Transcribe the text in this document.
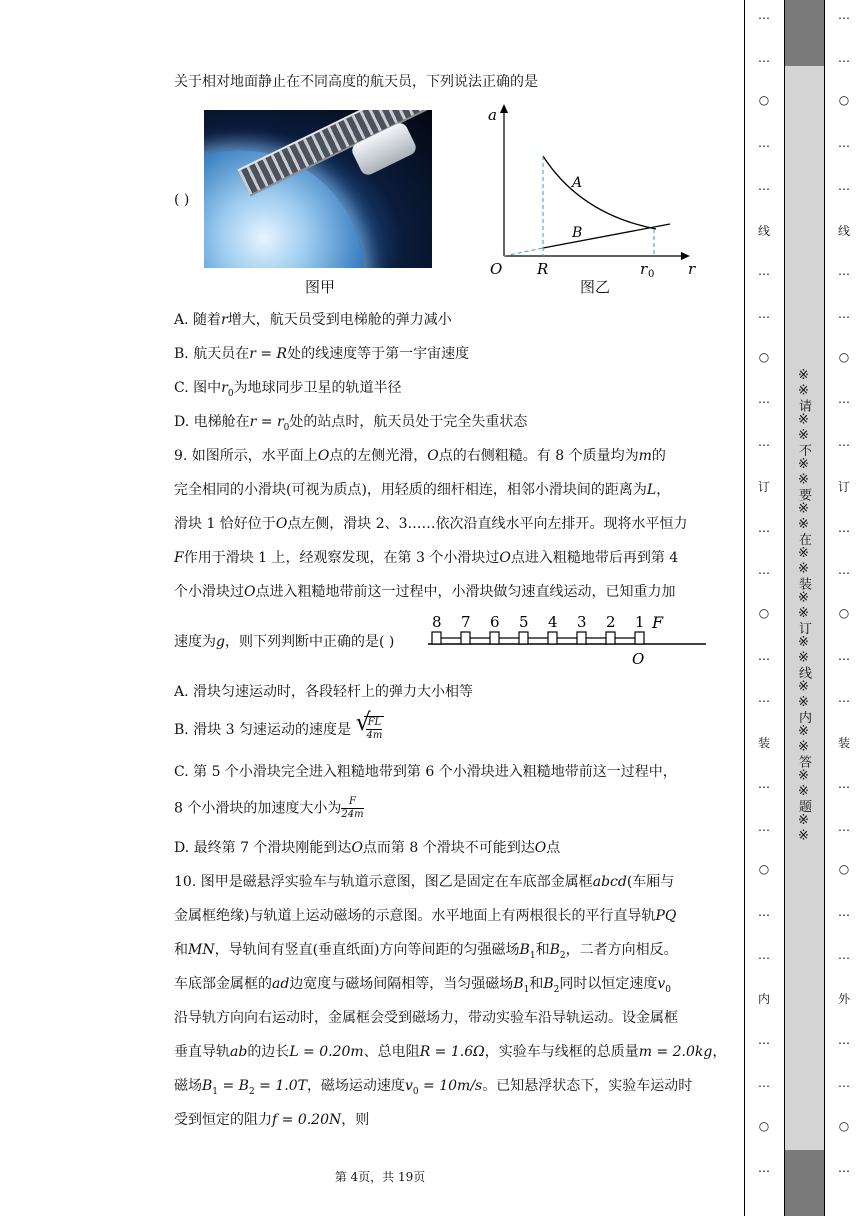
关于相对地面静止在不同高度的航天员，下列说法正确的是
( )
图甲
a
O R	r 0 r
A
B
图乙
A. 随着r增大，航天员受到电梯舱的弹力减小
B. 航天员在r = R处的线速度等于第一宇宙速度
C. 图中$r_0$为地球同步卫星的轨道半径
D. 电梯舱在$r = r_0$处的站点时，航天员处于完全失重状态
9. 如图所示，水平面上O点的左侧光滑，O点的右侧粗糙。有 8 个质量均为m的
完全相同的小滑块(可视为质点)，用轻质的细杆相连，相邻小滑块间的距离为L，
滑块 1 恰好位于O点左侧，滑块 2、3……依次沿直线水平向左排开。现将水平恒力
F作用于滑块 1 上，经观察发现，在第 3 个小滑块过O点进入粗糙地带后再到第 4
个小滑块过O点进入粗糙地带前这一过程中，小滑块做匀速直线运动，已知重力加
速度为g，则下列判断中正确的是( )
8 7 6 5 4 3 2 1 F
O
A. 滑块匀速运动时，各段轻杆上的弹力大小相等
B. 滑块 3 匀速运动的速度是 √
$\frac{FL}{4m}$
C. 第 5 个小滑块完全进入粗糙地带到第 6 个小滑块进入粗糙地带前这一过程中，
8 个小滑块的加速度大小为 $\frac{F}{24m}$
D. 最终第 7 个滑块刚能到达O点而第 8 个滑块不可能到达O点
10. 图甲是磁悬浮实验车与轨道示意图，图乙是固定在车底部金属框abcd(车厢与
金属框绝缘)与轨道上运动磁场的示意图。水平地面上有两根很长的平行直导轨PQ
和MN，导轨间有竖直(垂直纸面)方向等间距的匀强磁场$B_1$和$B_2$，二者方向相反。
车底部金属框的ad边宽度与磁场间隔相等，当匀强磁场$B_1$和$B_2$同时以恒定速度$v_0$
沿导轨方向向右运动时，金属框会受到磁场力，带动实验车沿导轨运动。设金属框
垂直导轨ab的边长L = 0.20m、总电阻R = 1.6Ω，实验车与线框的总质量m = 2.0kg，
磁场$B_1 = B_2 = 1.0T$，磁场运动速度$v_0 = 10m/s$。已知悬浮状态下，实验车运动时
受到恒定的阻力f = 0.20N，则
第 4页，共 19页
…
…
○
…
…
线
…
…
○
…
…
订
…
…
○
…
…
装
…
…
○
…
…
内
…
…
○
…
…
…
○
…
…
线
…
…
○
…
…
订
…
…
○
…
…
装
…
…
○
…
…
外
…
…
○
…
※※请※※不※※要※※在※※装※※订※※线※※内※※答※※题※※
